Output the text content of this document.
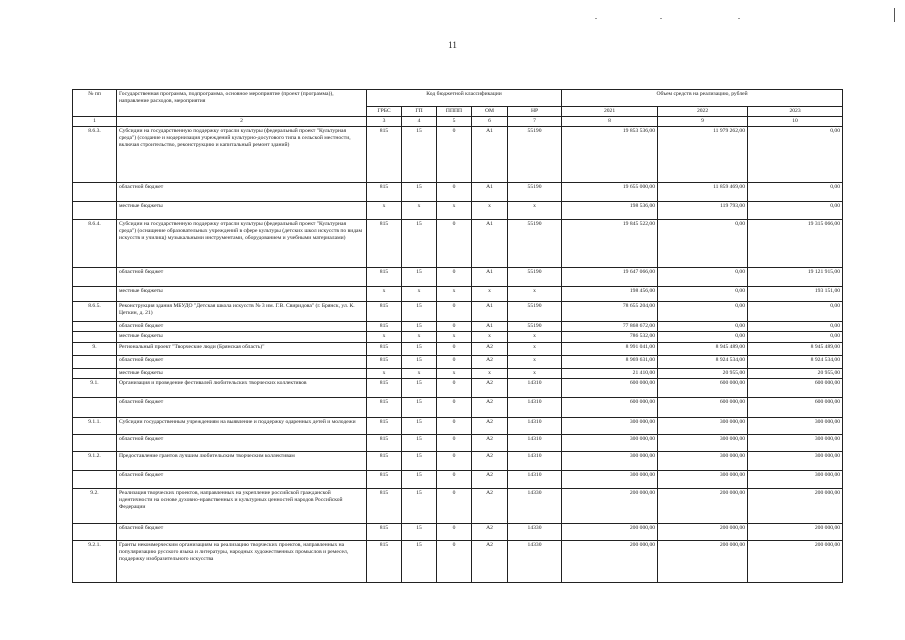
11
№ пп	Государственная программа, подпрограмма, основное мероприятие (проект (программа)), направление расходов, мероприятия	Код бюджетной классификации					Объем средств на реализацию, рублей		
		ГРБС	ГП	ПППП	ОМ	НР	2021	2022	2023
1	2	3	4	5	6	7	8	9	10
8.6.3.	Субсидии на государственную поддержку отрасли культуры (федеральный проект "Культурная среда") (создание и модернизация учреждений культурно-досугового типа в сельской местности, включая строительство, реконструкцию и капитальный ремонт зданий)	815	15	0	A1	55190	19 853 536,00	11 979 262,00	0,00
	областной бюджет	815	15	0	A1	55190	19 655 000,00	11 859 469,00	0,00
	местные бюджеты	x	x	x	x	x	198 536,00	119 793,00	0,00
8.6.4.	Субсидии на государственную поддержку отрасли культуры (федеральный проект "Культурная среда") (оснащение образовательных учреждений в сфере культуры (детских школ искусств по видам искусств и училищ) музыкальными инструментами, оборудованием и учебными материалами)	815	15	0	A1	55190	19 845 522,00	0,00	19 315 066,00
	областной бюджет	815	15	0	A1	55190	19 647 066,00	0,00	19 121 915,00
	местные бюджеты	x	x	x	x	x	198 456,00	0,00	193 151,00
8.6.5.	Реконструкция здания МБУДО "Детская школа искусств № 3 им. Г.В. Свиридова" (г. Брянск, ул. К. Цеткин, д. 21)	815	15	0	A1	55190	78 655 204,00	0,00	0,00
	областной бюджет	815	15	0	A1	55190	77 868 672,00	0,00	0,00
	местные бюджеты	x	x	x	x	x	786 532,00	0,00	0,00
9.	Региональный проект "Творческие люди (Брянская область)"	815	15	0	A2	x	8 991 041,00	8 945 489,00	8 945 489,00
	областной бюджет	815	15	0	A2	x	8 969 631,00	8 924 534,00	8 924 534,00
	местные бюджеты	x	x	x	x	x	21 410,00	20 955,00	20 955,00
9.1.	Организация и проведение фестивалей любительских творческих коллективов	815	15	0	A2	14310	600 000,00	600 000,00	600 000,00
	областной бюджет	815	15	0	A2	14310	600 000,00	600 000,00	600 000,00
9.1.1.	Субсидии государственным учреждениям на выявление и поддержку одаренных детей и молодежи	815	15	0	A2	14310	300 000,00	300 000,00	300 000,00
	областной бюджет	815	15	0	A2	14310	300 000,00	300 000,00	300 000,00
9.1.2.	Предоставление грантов лучшим любительским творческим коллективам	815	15	0	A2	14310	300 000,00	300 000,00	300 000,00
	областной бюджет	815	15	0	A2	14310	300 000,00	300 000,00	300 000,00
9.2.	Реализация творческих проектов, направленных на укрепление российской гражданской идентичности на основе духовно-нравственных и культурных ценностей народов Российской Федерации	815	15	0	A2	14330	200 000,00	200 000,00	200 000,00
	областной бюджет	815	15	0	A2	14330	200 000,00	200 000,00	200 000,00
9.2.1.	Гранты некоммерческим организациям на реализацию творческих проектов, направленных на популяризацию русского языка и литературы, народных художественных промыслов и ремесел, поддержку изобразительного искусства	815	15	0	A2	14330	200 000,00	200 000,00	200 000,00
